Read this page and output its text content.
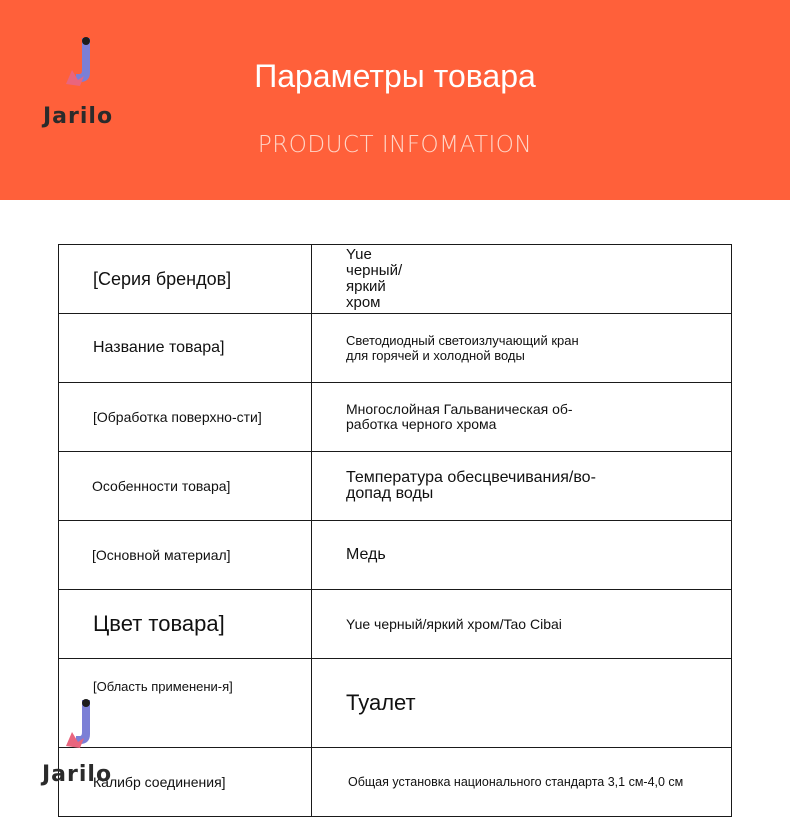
Jarilo
Параметры товара
PRODUCT INFOMATION
[Серия брендов]	Yue черный/яркий хром
Название товара]	Светодиодный светоизлучающий кран для горячей и холодной воды
[Обработка поверхно-сти]	Многослойная Гальваническая об-работка черного хрома
Особенности товара]	Температура обесцвечивания/во-допад воды
[Основной материал]	Медь
Цвет товара]	Yue черный/яркий хром/Tao Cibai
[Область применени-я]	Туалет
Калибр соединения]	Общая установка национального стандарта 3,1 см-4,0 см
Jarilo
